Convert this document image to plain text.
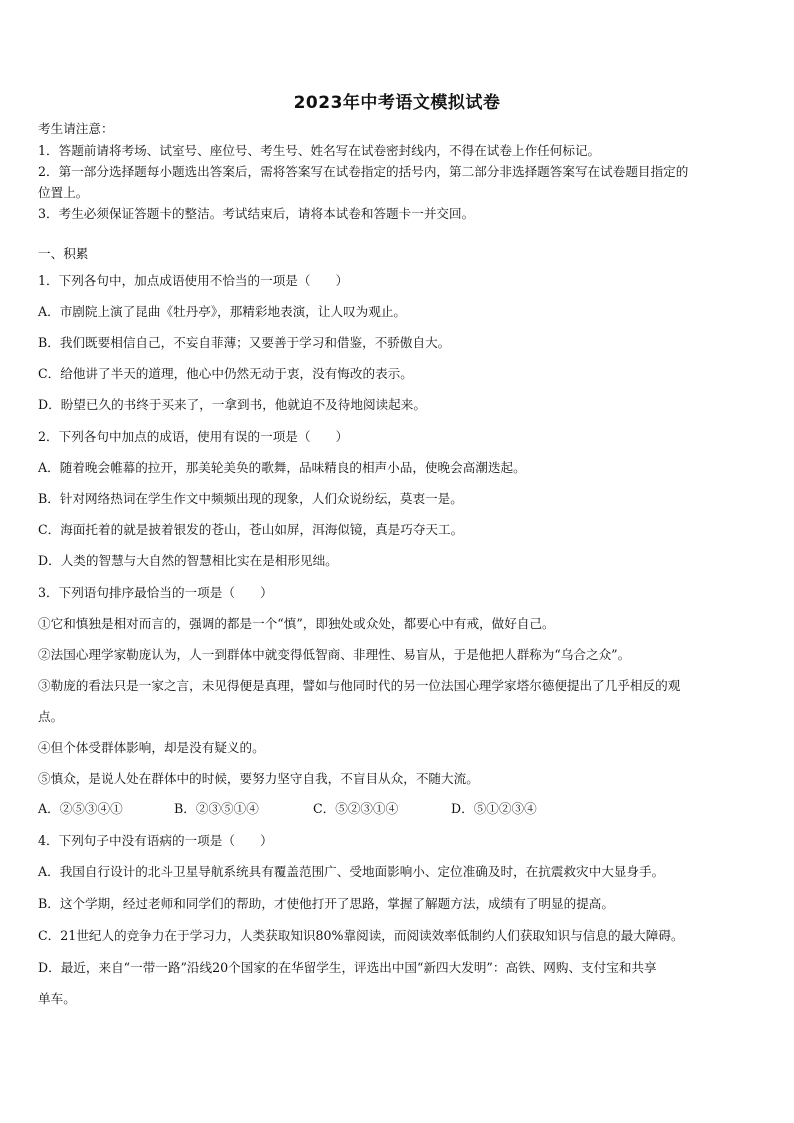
2023年中考语文模拟试卷
考生请注意：
1．答题前请将考场、试室号、座位号、考生号、姓名写在试卷密封线内，不得在试卷上作任何标记。
2．第一部分选择题每小题选出答案后，需将答案写在试卷指定的括号内，第二部分非选择题答案写在试卷题目指定的
位置上。
3．考生必须保证答题卡的整洁。考试结束后，请将本试卷和答题卡一并交回。
一、积累
1．下列各句中，加点成语使用不恰当的一项是（　　）
A．市剧院上演了昆曲《牡丹亭》，那精彩地表演，让人叹为观止。
B．我们既要相信自己，不妄自菲薄；又要善于学习和借鉴，不骄傲自大。
C．给他讲了半天的道理，他心中仍然无动于衷，没有悔改的表示。
D．盼望已久的书终于买来了，一拿到书，他就迫不及待地阅读起来。
2．下列各句中加点的成语，使用有误的一项是（　　）
A．随着晚会帷幕的拉开，那美轮美奂的歌舞，品味精良的相声小品，使晚会高潮迭起。
B．针对网络热词在学生作文中频频出现的现象，人们众说纷纭，莫衷一是。
C．海面托着的就是披着银发的苍山，苍山如屏，洱海似镜，真是巧夺天工。
D．人类的智慧与大自然的智慧相比实在是相形见绌。
3．下列语句排序最恰当的一项是（　　）
①它和慎独是相对而言的，强调的都是一个“慎”，即独处或众处，都要心中有戒，做好自己。
②法国心理学家勒庞认为，人一到群体中就变得低智商、非理性、易盲从，于是他把人群称为“乌合之众”。
③勒庞的看法只是一家之言，未见得便是真理，譬如与他同时代的另一位法国心理学家塔尔德便提出了几乎相反的观
点。
④但个体受群体影响，却是没有疑义的。
⑤慎众，是说人处在群体中的时候，要努力坚守自我，不盲目从众，不随大流。
A．②⑤③④①	B．②③⑤①④	C．⑤②③①④	D．⑤①②③④
4．下列句子中没有语病的一项是（　　）
A．我国自行设计的北斗卫星导航系统具有覆盖范围广、受地面影响小、定位准确及时，在抗震救灾中大显身手。
B．这个学期，经过老师和同学们的帮助，才使他打开了思路，掌握了解题方法，成绩有了明显的提高。
C．21世纪人的竞争力在于学习力，人类获取知识80%靠阅读，而阅读效率低制约人们获取知识与信息的最大障碍。
D．最近，来自“一带一路”沿线20个国家的在华留学生，评选出中国“新四大发明”：高铁、网购、支付宝和共享
单车。
